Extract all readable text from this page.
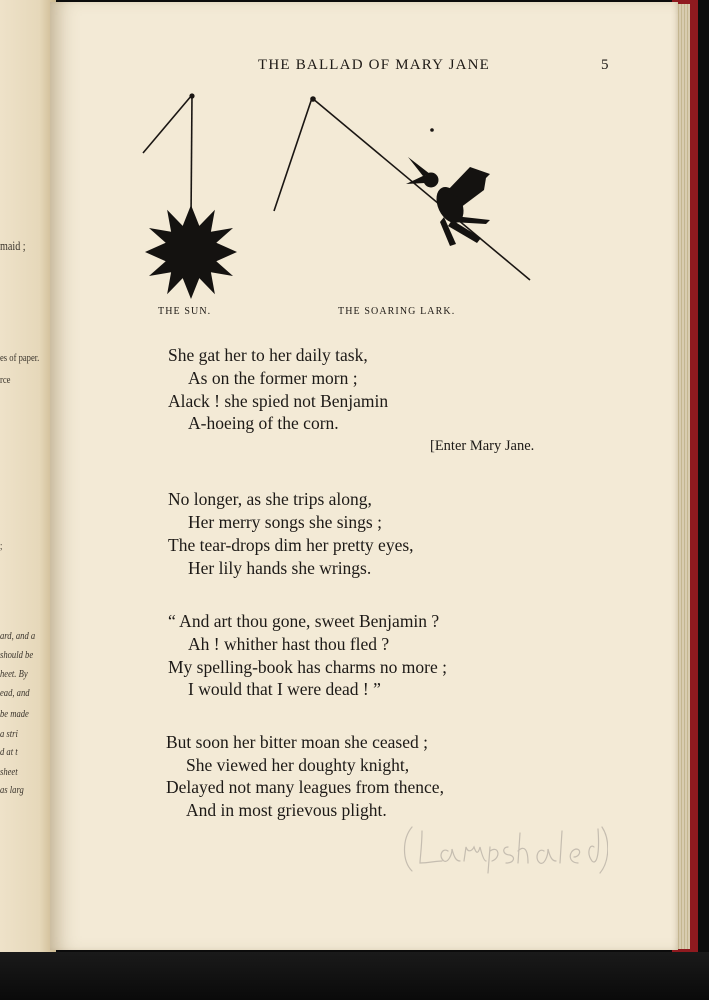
maid ;

es of paper.

rce

;

ard, and a

should be

heet. By

ead, and

be made

a stri

d at t

sheet

as larg

THE BALLAD OF MARY JANE	5

THE SUN.	THE SOARING LARK.

She gat her to her daily task,

As on the former morn ;

Alack ! she spied not Benjamin

A-hoeing of the corn.

[Enter Mary Jane.

No longer, as she trips along,

Her merry songs she sings ;

The tear-drops dim her pretty eyes,

Her lily hands she wrings.

“ And art thou gone, sweet Benjamin ?

Ah ! whither hast thou fled ?

My spelling-book has charms no more ;

I would that I were dead ! ”

But soon her bitter moan she ceased ;

She viewed her doughty knight,

Delayed not many leagues from thence,

And in most grievous plight.
